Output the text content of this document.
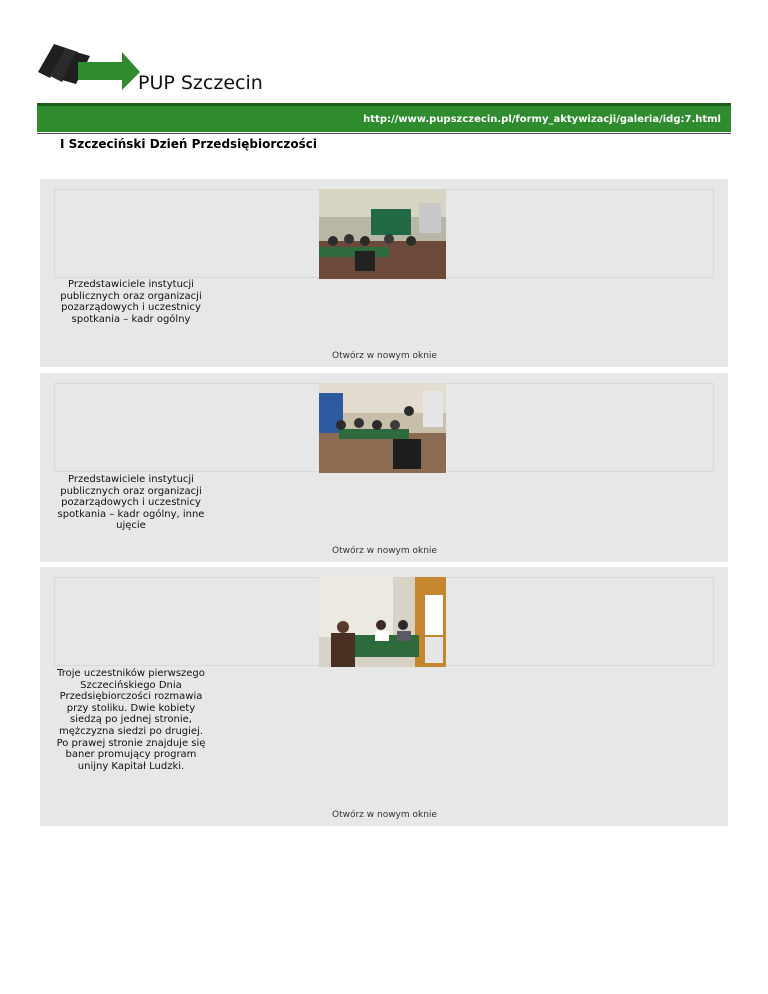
PUP Szczecin
http://www.pupszczecin.pl/formy_aktywizacji/galeria/idg:7.html
I Szczeciński Dzień Przedsiębiorczości
Przedstawiciele instytucji publicznych oraz organizacji pozarządowych i uczestnicy spotkania – kadr ogólny
Otwórz w nowym oknie
Przedstawiciele instytucji publicznych oraz organizacji pozarządowych i uczestnicy spotkania – kadr ogólny, inne ujęcie
Otwórz w nowym oknie
Troje uczestników pierwszego Szczecińskiego Dnia Przedsiębiorczości rozmawia przy stoliku. Dwie kobiety siedzą po jednej stronie, mężczyzna siedzi po drugiej. Po prawej stronie znajduje się baner promujący program unijny Kapitał Ludzki.
Otwórz w nowym oknie
